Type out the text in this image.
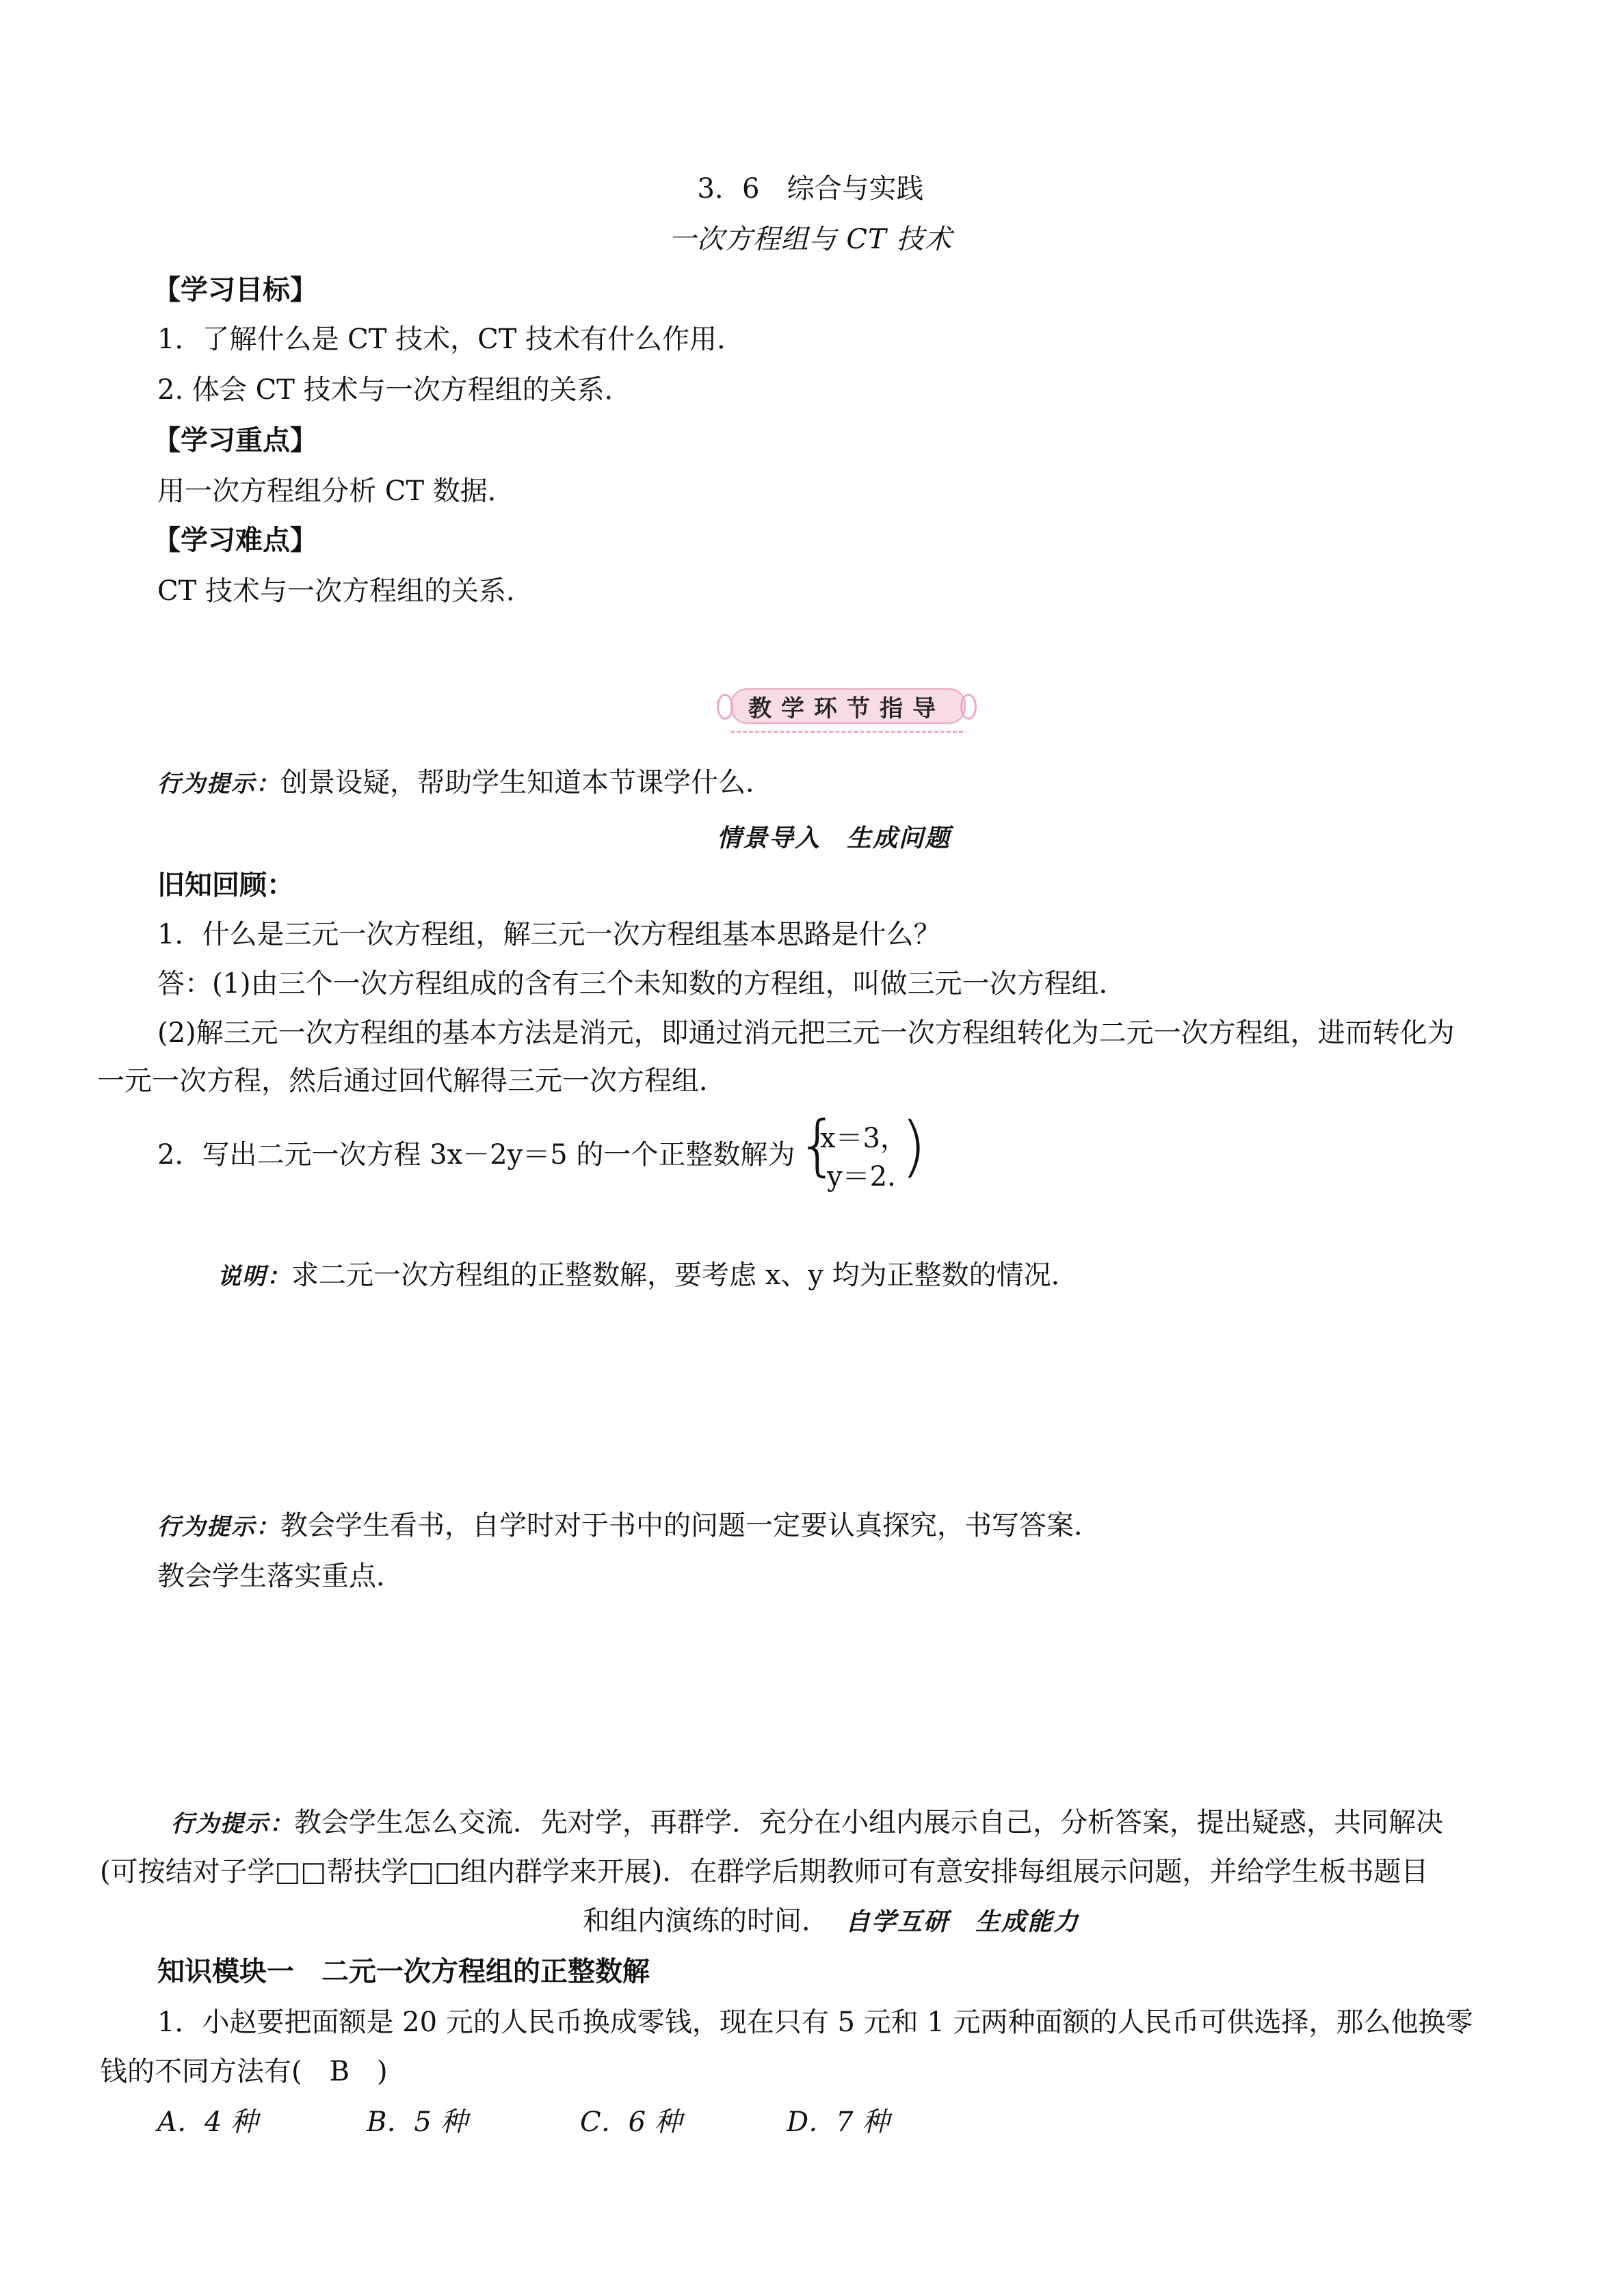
3．6　综合与实践
一次方程组与 CT 技术
【学习目标】
1．了解什么是 CT 技术，CT 技术有什么作用．
2. 体会 CT 技术与一次方程组的关系．
【学习重点】
用一次方程组分析 CT 数据．
【学习难点】
CT 技术与一次方程组的关系．
教学环节指导
行为提示：创景设疑，帮助学生知道本节课学什么．
情景导入　生成问题
旧知回顾：
1．什么是三元一次方程组，解三元一次方程组基本思路是什么？
答：(1)由三个一次方程组成的含有三个未知数的方程组，叫做三元一次方程组．
(2)解三元一次方程组的基本方法是消元，即通过消元把三元一次方程组转化为二元一次方程组，进而转化为
一元一次方程，然后通过回代解得三元一次方程组．
2．写出二元一次方程 3x－2y＝5 的一个正整数解为 {
x＝3，
y＝2. )
说明：求二元一次方程组的正整数解，要考虑 x、y 均为正整数的情况．
行为提示：教会学生看书，自学时对于书中的问题一定要认真探究，书写答案．
教会学生落实重点．
行为提示：教会学生怎么交流．先对学，再群学．充分在小组内展示自己，分析答案，提出疑惑，共同解决
(可按结对子学□□帮扶学□□组内群学来开展)．在群学后期教师可有意安排每组展示问题，并给学生板书题目
和组内演练的时间． 自学互研　生成能力
知识模块一　二元一次方程组的正整数解
1．小赵要把面额是 20 元的人民币换成零钱，现在只有 5 元和 1 元两种面额的人民币可供选择，那么他换零
钱的不同方法有(　B　)
A．4 种	B．5 种	C．6 种	D．7 种
